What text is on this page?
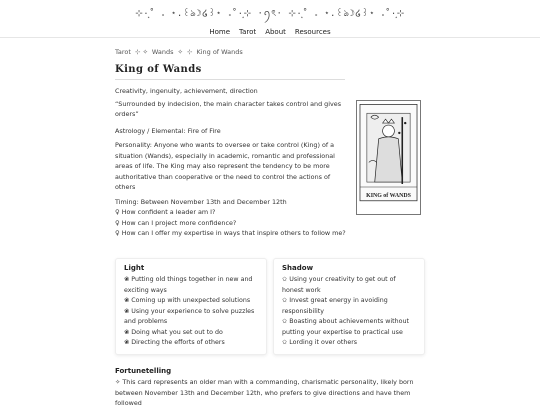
⊹·͙˚ ｡ ⋆.꒰ঌ☽໒꒱⋆ ｡˚·͙⊹ ·ꪆৎ· ⊹·͙˚ ｡ ⋆.꒰ঌ☽໒꒱⋆ ｡˚·͙⊹
Home Tarot About Resources
Tarot ⊹ ✧ Wands ✧ ⊹ King of Wands
King of Wands
Creativity, ingenuity, achievement, direction
“Surrounded by indecision, the main character takes control and gives orders”
Astrology / Elemental: Fire of Fire
Personality: Anyone who wants to oversee or take control (King) of a situation (Wands), especially in academic, romantic and professional areas of life. The King may also represent the tendency to be more authoritative than cooperative or the need to control the actions of others
Timing: Between November 13th and December 12th
♀ How confident a leader am I?
♀ How can I project more confidence?
♀ How can I offer my expertise in ways that inspire others to follow me?
KING of WANDS
Light
❀ Putting old things together in new and exciting ways
❀ Coming up with unexpected solutions
❀ Using your experience to solve puzzles and problems
❀ Doing what you set out to do
❀ Directing the efforts of others
Shadow
✩ Using your creativity to get out of honest work
✩ Invest great energy in avoiding responsibility
✩ Boasting about achievements without putting your expertise to practical use
✩ Lording it over others
Fortunetelling
✧ This card represents an older man with a commanding, charismatic personality, likely born between November 13th and December 12th, who prefers to give directions and have them followed
